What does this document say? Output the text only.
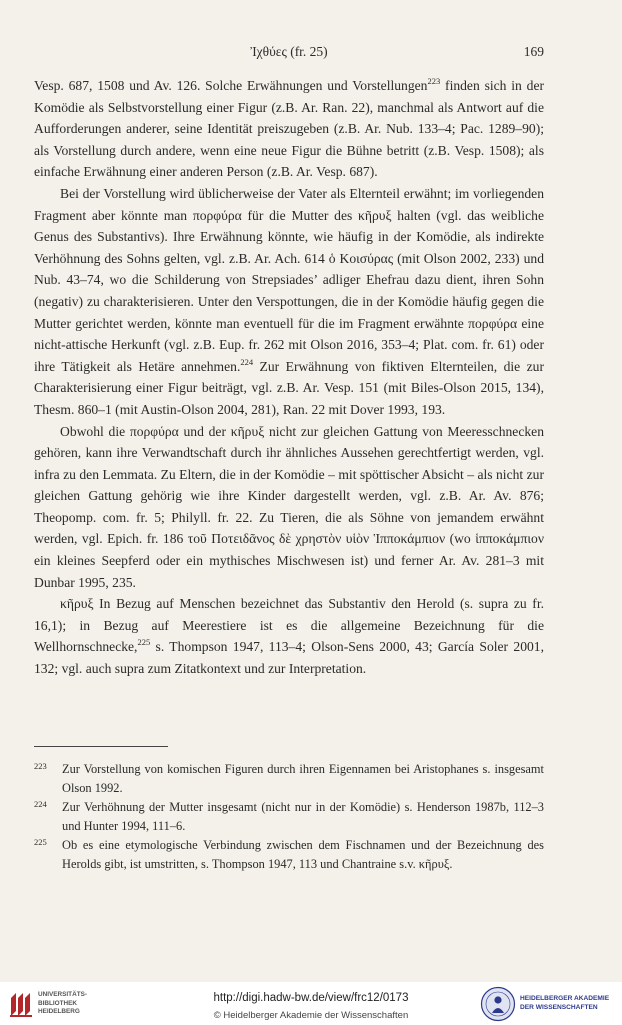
Ἰχθύες (fr. 25)	169

Vesp. 687, 1508 und Av. 126. Solche Erwähnungen und Vorstellungen$^{223}$ finden sich in der Komödie als Selbstvorstellung einer Figur (z.B. Ar. Ran. 22), manchmal als Antwort auf die Aufforderungen anderer, seine Identität preiszugeben (z.B. Ar. Nub. 133–4; Pac. 1289–90); als Vorstellung durch andere, wenn eine neue Figur die Bühne betritt (z.B. Vesp. 1508); als einfache Erwähnung einer anderen Person (z.B. Ar. Vesp. 687).

Bei der Vorstellung wird üblicherweise der Vater als Elternteil erwähnt; im vorliegenden Fragment aber könnte man πορφύρα für die Mutter des κῆρυξ halten (vgl. das weibliche Genus des Substantivs). Ihre Erwähnung könnte, wie häufig in der Komödie, als indirekte Verhöhnung des Sohns gelten, vgl. z.B. Ar. Ach. 614 ὁ Κοισύρας (mit Olson 2002, 233) und Nub. 43–74, wo die Schilderung von Strepsiades’ adliger Ehefrau dazu dient, ihren Sohn (negativ) zu charakterisieren. Unter den Verspottungen, die in der Komödie häufig gegen die Mutter gerichtet werden, könnte man eventuell für die im Fragment erwähnte πορφύρα eine nicht-attische Herkunft (vgl. z.B. Eup. fr. 262 mit Olson 2016, 353–4; Plat. com. fr. 61) oder ihre Tätigkeit als Hetäre annehmen.$^{224}$ Zur Erwähnung von fiktiven Elternteilen, die zur Charakterisierung einer Figur beiträgt, vgl. z.B. Ar. Vesp. 151 (mit Biles-Olson 2015, 134), Thesm. 860–1 (mit Austin-Olson 2004, 281), Ran. 22 mit Dover 1993, 193.

Obwohl die πορφύρα und der κῆρυξ nicht zur gleichen Gattung von Meeresschnecken gehören, kann ihre Verwandtschaft durch ihr ähnliches Aussehen gerechtfertigt werden, vgl. infra zu den Lemmata. Zu Eltern, die in der Komödie – mit spöttischer Absicht – als nicht zur gleichen Gattung gehörig wie ihre Kinder dargestellt werden, vgl. z.B. Ar. Av. 876; Theopomp. com. fr. 5; Philyll. fr. 22. Zu Tieren, die als Söhne von jemandem erwähnt werden, vgl. Epich. fr. 186 τοῦ Ποτειδᾶνος δὲ χρηστὸν υἱὸν Ἱπποκάμπιον (wo ἱπποκάμπιον ein kleines Seepferd oder ein mythisches Mischwesen ist) und ferner Ar. Av. 281–3 mit Dunbar 1995, 235.

κῆρυξ In Bezug auf Menschen bezeichnet das Substantiv den Herold (s. supra zu fr. 16,1); in Bezug auf Meerestiere ist es die allgemeine Bezeichnung für die Wellhornschnecke,$^{225}$ s. Thompson 1947, 113–4; Olson-Sens 2000, 43; García Soler 2001, 132; vgl. auch supra zum Zitatkontext und zur Interpretation.

223 Zur Vorstellung von komischen Figuren durch ihren Eigennamen bei Aristophanes s. insgesamt Olson 1992.
224 Zur Verhöhnung der Mutter insgesamt (nicht nur in der Komödie) s. Henderson 1987b, 112–3 und Hunter 1994, 111–6.
225 Ob es eine etymologische Verbindung zwischen dem Fischnamen und der Bezeichnung des Herolds gibt, ist umstritten, s. Thompson 1947, 113 und Chantraine s.v. κῆρυξ.
UNIVERSITÄTS-
BIBLIOTHEK
HEIDELBERG
http://digi.hadw-bw.de/view/frc12/0173
© Heidelberger Akademie der Wissenschaften
HEIDELBERGER AKADEMIE
DER WISSENSCHAFTEN
